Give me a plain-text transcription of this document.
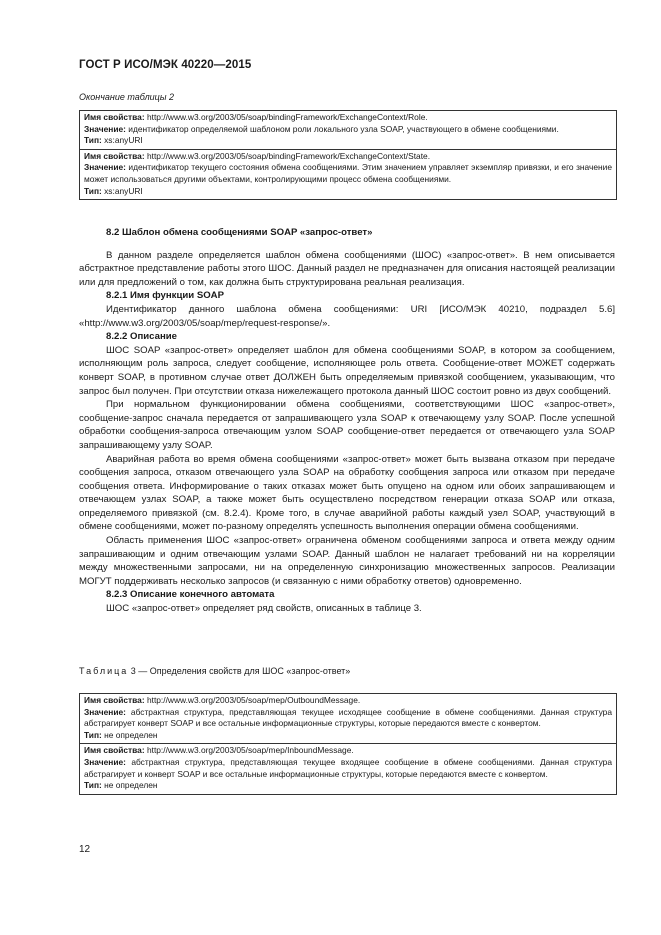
ГОСТ Р ИСО/МЭК 40220—2015
Окончание таблицы 2
Имя свойства: http://www.w3.org/2003/05/soap/bindingFramework/ExchangeContext/Role.
Значение: идентификатор определяемой шаблоном роли локального узла SOAP, участвующего в обмене сообщениями.
Тип: xs:anyURI
Имя свойства: http://www.w3.org/2003/05/soap/bindingFramework/ExchangeContext/State.
Значение: идентификатор текущего состояния обмена сообщениями. Этим значением управляет экземпляр привязки, и его значение может использоваться другими объектами, контролирующими процесс обмена сообщениями.
Тип: xs:anyURI
8.2 Шаблон обмена сообщениями SOAP «запрос-ответ»

В данном разделе определяется шаблон обмена сообщениями (ШОС) «запрос-ответ». В нем описывается абстрактное представление работы этого ШОС. Данный раздел не предназначен для описания настоящей реализации или для предложений о том, как должна быть структурирована реальная реализация.

8.2.1 Имя функции SOAP

Идентификатор данного шаблона обмена сообщениями: URI [ИСО/МЭК 40210, подраздел 5.6] «http://www.w3.org/2003/05/soap/mep/request-response/».

8.2.2 Описание

ШОС SOAP «запрос-ответ» определяет шаблон для обмена сообщениями SOAP, в котором за сообщением, исполняющим роль запроса, следует сообщение, исполняющее роль ответа. Сообщение-ответ МОЖЕТ содержать конверт SOAP, в противном случае ответ ДОЛЖЕН быть определяемым привязкой сообщением, указывающим, что запрос был получен. При отсутствии отказа нижележащего протокола данный ШОС состоит ровно из двух сообщений.

При нормальном функционировании обмена сообщениями, соответствующими ШОС «запрос-ответ», сообщение-запрос сначала передается от запрашивающего узла SOAP к отвечающему узлу SOAP. После успешной обработки сообщения-запроса отвечающим узлом SOAP сообщение-ответ передается от отвечающего узла SOAP запрашивающему узлу SOAP.

Аварийная работа во время обмена сообщениями «запрос-ответ» может быть вызвана отказом при передаче сообщения запроса, отказом отвечающего узла SOAP на обработку сообщения запроса или отказом при передаче сообщения ответа. Информирование о таких отказах может быть опущено на одном или обоих запрашивающем и отвечающем узлах SOAP, а также может быть осуществлено посредством генерации отказа SOAP или отказа, определяемого привязкой (см. 8.2.4). Кроме того, в случае аварийной работы каждый узел SOAP, участвующий в обмене сообщениями, может по-разному определять успешность выполнения операции обмена сообщениями.

Область применения ШОС «запрос-ответ» ограничена обменом сообщениями запроса и ответа между одним запрашивающим и одним отвечающим узлами SOAP. Данный шаблон не налагает требований ни на корреляции между множественными запросами, ни на определенную синхронизацию множественных запросов. Реализации МОГУТ поддерживать несколько запросов (и связанную с ними обработку ответов) одновременно.

8.2.3 Описание конечного автомата

ШОС «запрос-ответ» определяет ряд свойств, описанных в таблице 3.

Таблица 3 — Определения свойств для ШОС «запрос-ответ»
Имя свойства: http://www.w3.org/2003/05/soap/mep/OutboundMessage.
Значение: абстрактная структура, представляющая текущее исходящее сообщение в обмене сообщениями. Данная структура абстрагирует конверт SOAP и все остальные информационные структуры, которые передаются вместе с конвертом.
Тип: не определен
Имя свойства: http://www.w3.org/2003/05/soap/mep/InboundMessage.
Значение: абстрактная структура, представляющая текущее входящее сообщение в обмене сообщениями. Данная структура абстрагирует и конверт SOAP и все остальные информационные структуры, которые передаются вместе с конвертом.
Тип: не определен
12
